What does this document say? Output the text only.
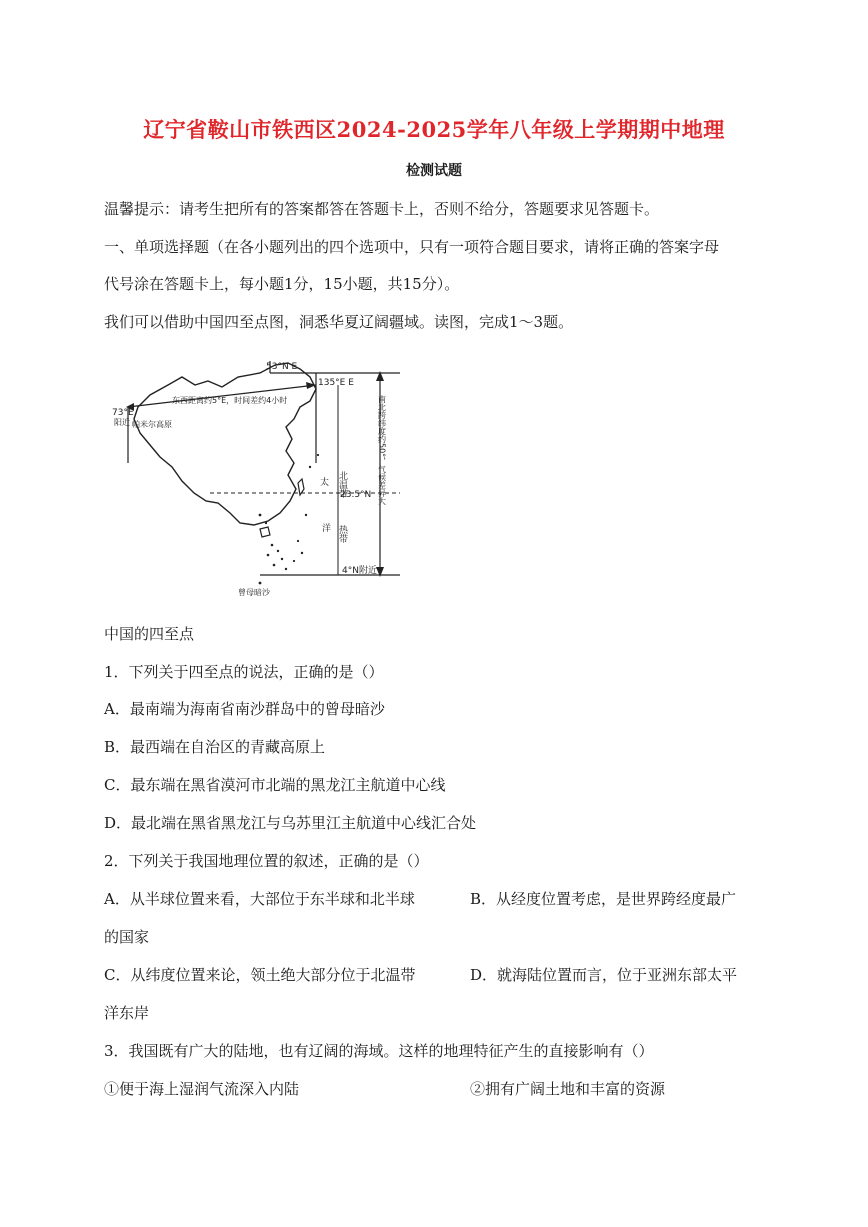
辽宁省鞍山市铁西区2024-2025学年八年级上学期期中地理
检测试题
温馨提示：请考生把所有的答案都答在答题卡上，否则不给分，答题要求见答题卡。
一、单项选择题（在各小题列出的四个选项中，只有一项符合题目要求，请将正确的答案字母
代号涂在答题卡上，每小题1分，15小题，共15分）。
我们可以借助中国四至点图，洞悉华夏辽阔疆域。读图，完成1～3题。
53°N E
135°E E
73°E
阳近 帕米尔高原
东西距离约5°E，时间差约4小时
北温带	南北跨纬度约50°，气候差异大
23.5°N
太
洋 热带
4°N附近
曾母暗沙
中国的四至点
1．下列关于四至点的说法，正确的是（）
A．最南端为海南省南沙群岛中的曾母暗沙
B．最西端在自治区的青藏高原上
C．最东端在黑省漠河市北端的黑龙江主航道中心线
D．最北端在黑省黑龙江与乌苏里江主航道中心线汇合处
2．下列关于我国地理位置的叙述，正确的是（）
A．从半球位置来看，大部位于东半球和北半球	B．从经度位置考虑，是世界跨经度最广
的国家
C．从纬度位置来论，领土绝大部分位于北温带	D．就海陆位置而言，位于亚洲东部太平
洋东岸
3．我国既有广大的陆地，也有辽阔的海域。这样的地理特征产生的直接影响有（）
①便于海上湿润气流深入内陆	②拥有广阔土地和丰富的资源
